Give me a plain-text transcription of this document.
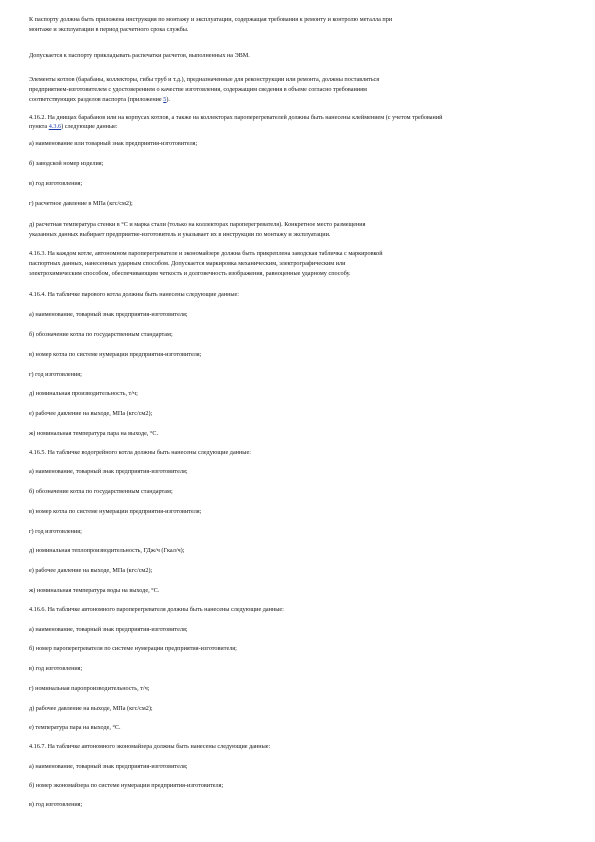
К паспорту должна быть приложена инструкция по монтажу и эксплуатации, содержащая требования к ремонту и контролю металла при
монтаже и эксплуатации в период расчетного срока службы.
Допускается к паспорту прикладывать распечатки расчетов, выполненных на ЭВМ.
Элементы котлов (барабаны, коллекторы, гибы труб и т.д.), предназначенные для реконструкции или ремонта, должны поставляться
предприятием-изготовителем с удостоверением о качестве изготовления, содержащим сведения в объеме согласно требованиям
соответствующих разделов паспорта (приложение 5).
4.16.2. На днищах барабанов или на корпусах котлов, а также на коллекторах пароперегревателей должны быть нанесены клеймением (с учетом требований
пункта 4.3.6) следующие данные:
а) наименование или товарный знак предприятия-изготовителя;
б) заводской номер изделия;
в) год изготовления;
г) расчетное давление в МПа (кгс/см2);
д) расчетная температура стенки в °С и марка стали (только на коллекторах пароперегревателя). Конкретное место размещения
указанных данных выбирает предприятие-изготовитель и указывает их в инструкции по монтажу и эксплуатации.
4.16.3. На каждом котле, автономном пароперегревателе и экономайзере должна быть прикреплена заводская табличка с маркировкой
паспортных данных, нанесенных ударным способом. Допускается маркировка механическим, электрографическим или
электрохимическим способом, обеспечивающим четкость и долговечность изображения, равноценные ударному способу.
4.16.4. На табличке парового котла должны быть нанесены следующие данные:
а) наименование, товарный знак предприятия-изготовителя;
б) обозначение котла по государственным стандартам;
в) номер котла по системе нумерации предприятия-изготовителя;
г) год изготовления;
д) номинальная производительность, т/ч;
е) рабочее давление на выходе, МПа (кгс/см2);
ж) номинальная температура пара на выходе, °С.
4.16.5. На табличке водогрейного котла должны быть нанесены следующие данные:
а) наименование, товарный знак предприятия-изготовителя;
б) обозначение котла по государственным стандартам;
в) номер котла по системе нумерации предприятия-изготовителя;
г) год изготовления;
д) номинальная теплопроизводительность, ГДж/ч (Гкал/ч);
е) рабочее давление на выходе, МПа (кгс/см2);
ж) номинальная температура воды на выходе, °С.
4.16.6. На табличке автономного пароперегревателя должны быть нанесены следующие данные:
а) наименование, товарный знак предприятия-изготовителя;
б) номер пароперегревателя по системе нумерации предприятия-изготовителя;
в) год изготовления;
г) номинальная паропроизводительность, т/ч;
д) рабочее давление на выходе, МПа (кгс/см2);
е) температура пара на выходе, °С.
4.16.7. На табличке автономного экономайзера должны быть нанесены следующие данные:
а) наименование, товарный знак предприятия-изготовителя;
б) номер экономайзера по системе нумерации предприятия-изготовителя;
в) год изготовления;
